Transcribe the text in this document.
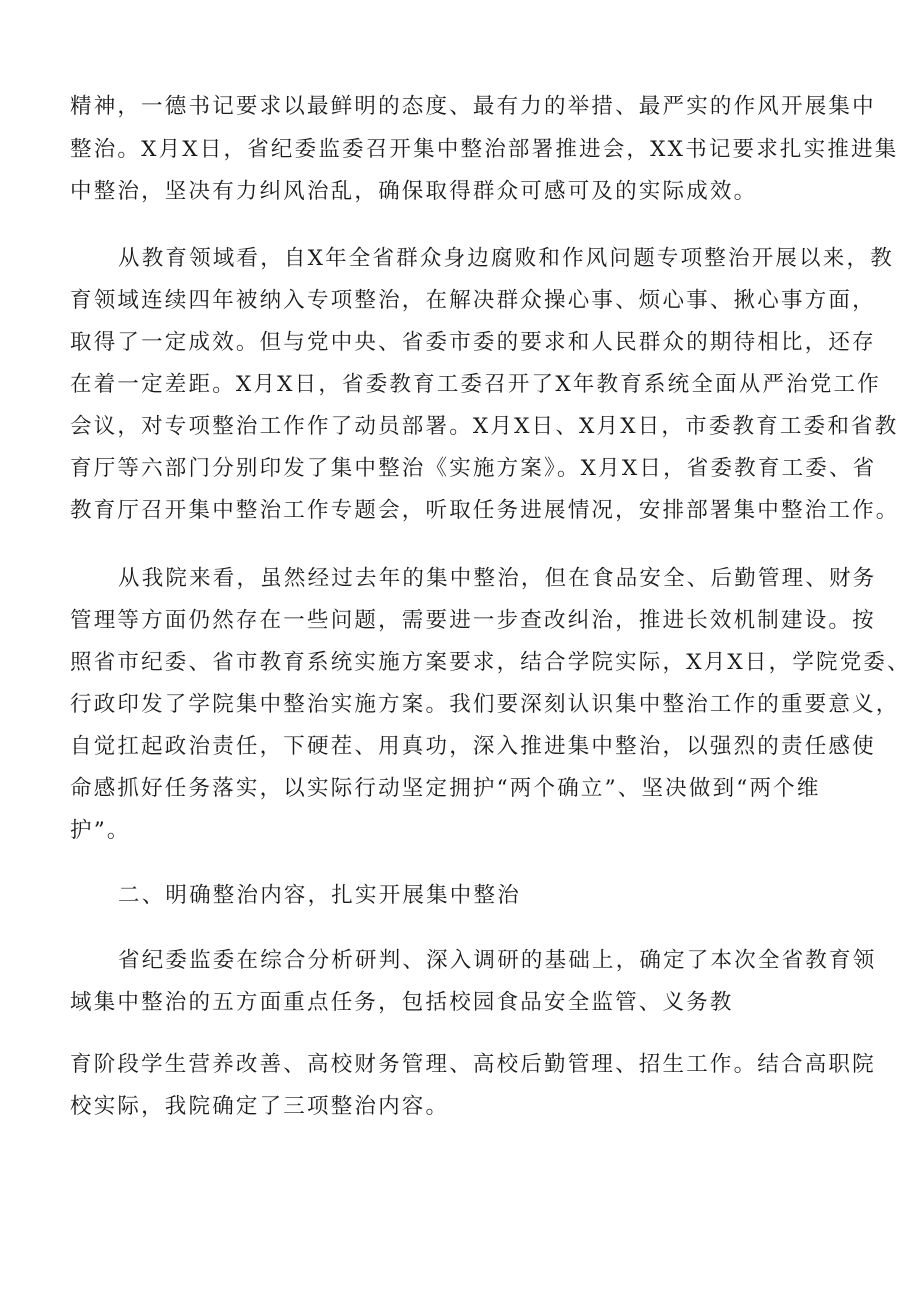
精神，一德书记要求以最鲜明的态度、最有力的举措、最严实的作风开展集中
整治。X月X日，省纪委监委召开集中整治部署推进会，XX书记要求扎实推进集
中整治，坚决有力纠风治乱，确保取得群众可感可及的实际成效。
从教育领域看，自X年全省群众身边腐败和作风问题专项整治开展以来，教
育领域连续四年被纳入专项整治，在解决群众操心事、烦心事、揪心事方面，
取得了一定成效。但与党中央、省委市委的要求和人民群众的期待相比，还存
在着一定差距。X月X日，省委教育工委召开了X年教育系统全面从严治党工作
会议，对专项整治工作作了动员部署。X月X日、X月X日，市委教育工委和省教
育厅等六部门分别印发了集中整治《实施方案》。X月X日，省委教育工委、省
教育厅召开集中整治工作专题会，听取任务进展情况，安排部署集中整治工作。
从我院来看，虽然经过去年的集中整治，但在食品安全、后勤管理、财务
管理等方面仍然存在一些问题，需要进一步查改纠治，推进长效机制建设。按
照省市纪委、省市教育系统实施方案要求，结合学院实际，X月X日，学院党委、
行政印发了学院集中整治实施方案。我们要深刻认识集中整治工作的重要意义，
自觉扛起政治责任，下硬茬、用真功，深入推进集中整治，以强烈的责任感使
命感抓好任务落实，以实际行动坚定拥护“两个确立”、坚决做到“两个维
护”。
二、明确整治内容，扎实开展集中整治
省纪委监委在综合分析研判、深入调研的基础上，确定了本次全省教育领
域集中整治的五方面重点任务，包括校园食品安全监管、义务教
育阶段学生营养改善、高校财务管理、高校后勤管理、招生工作。结合高职院
校实际，我院确定了三项整治内容。
